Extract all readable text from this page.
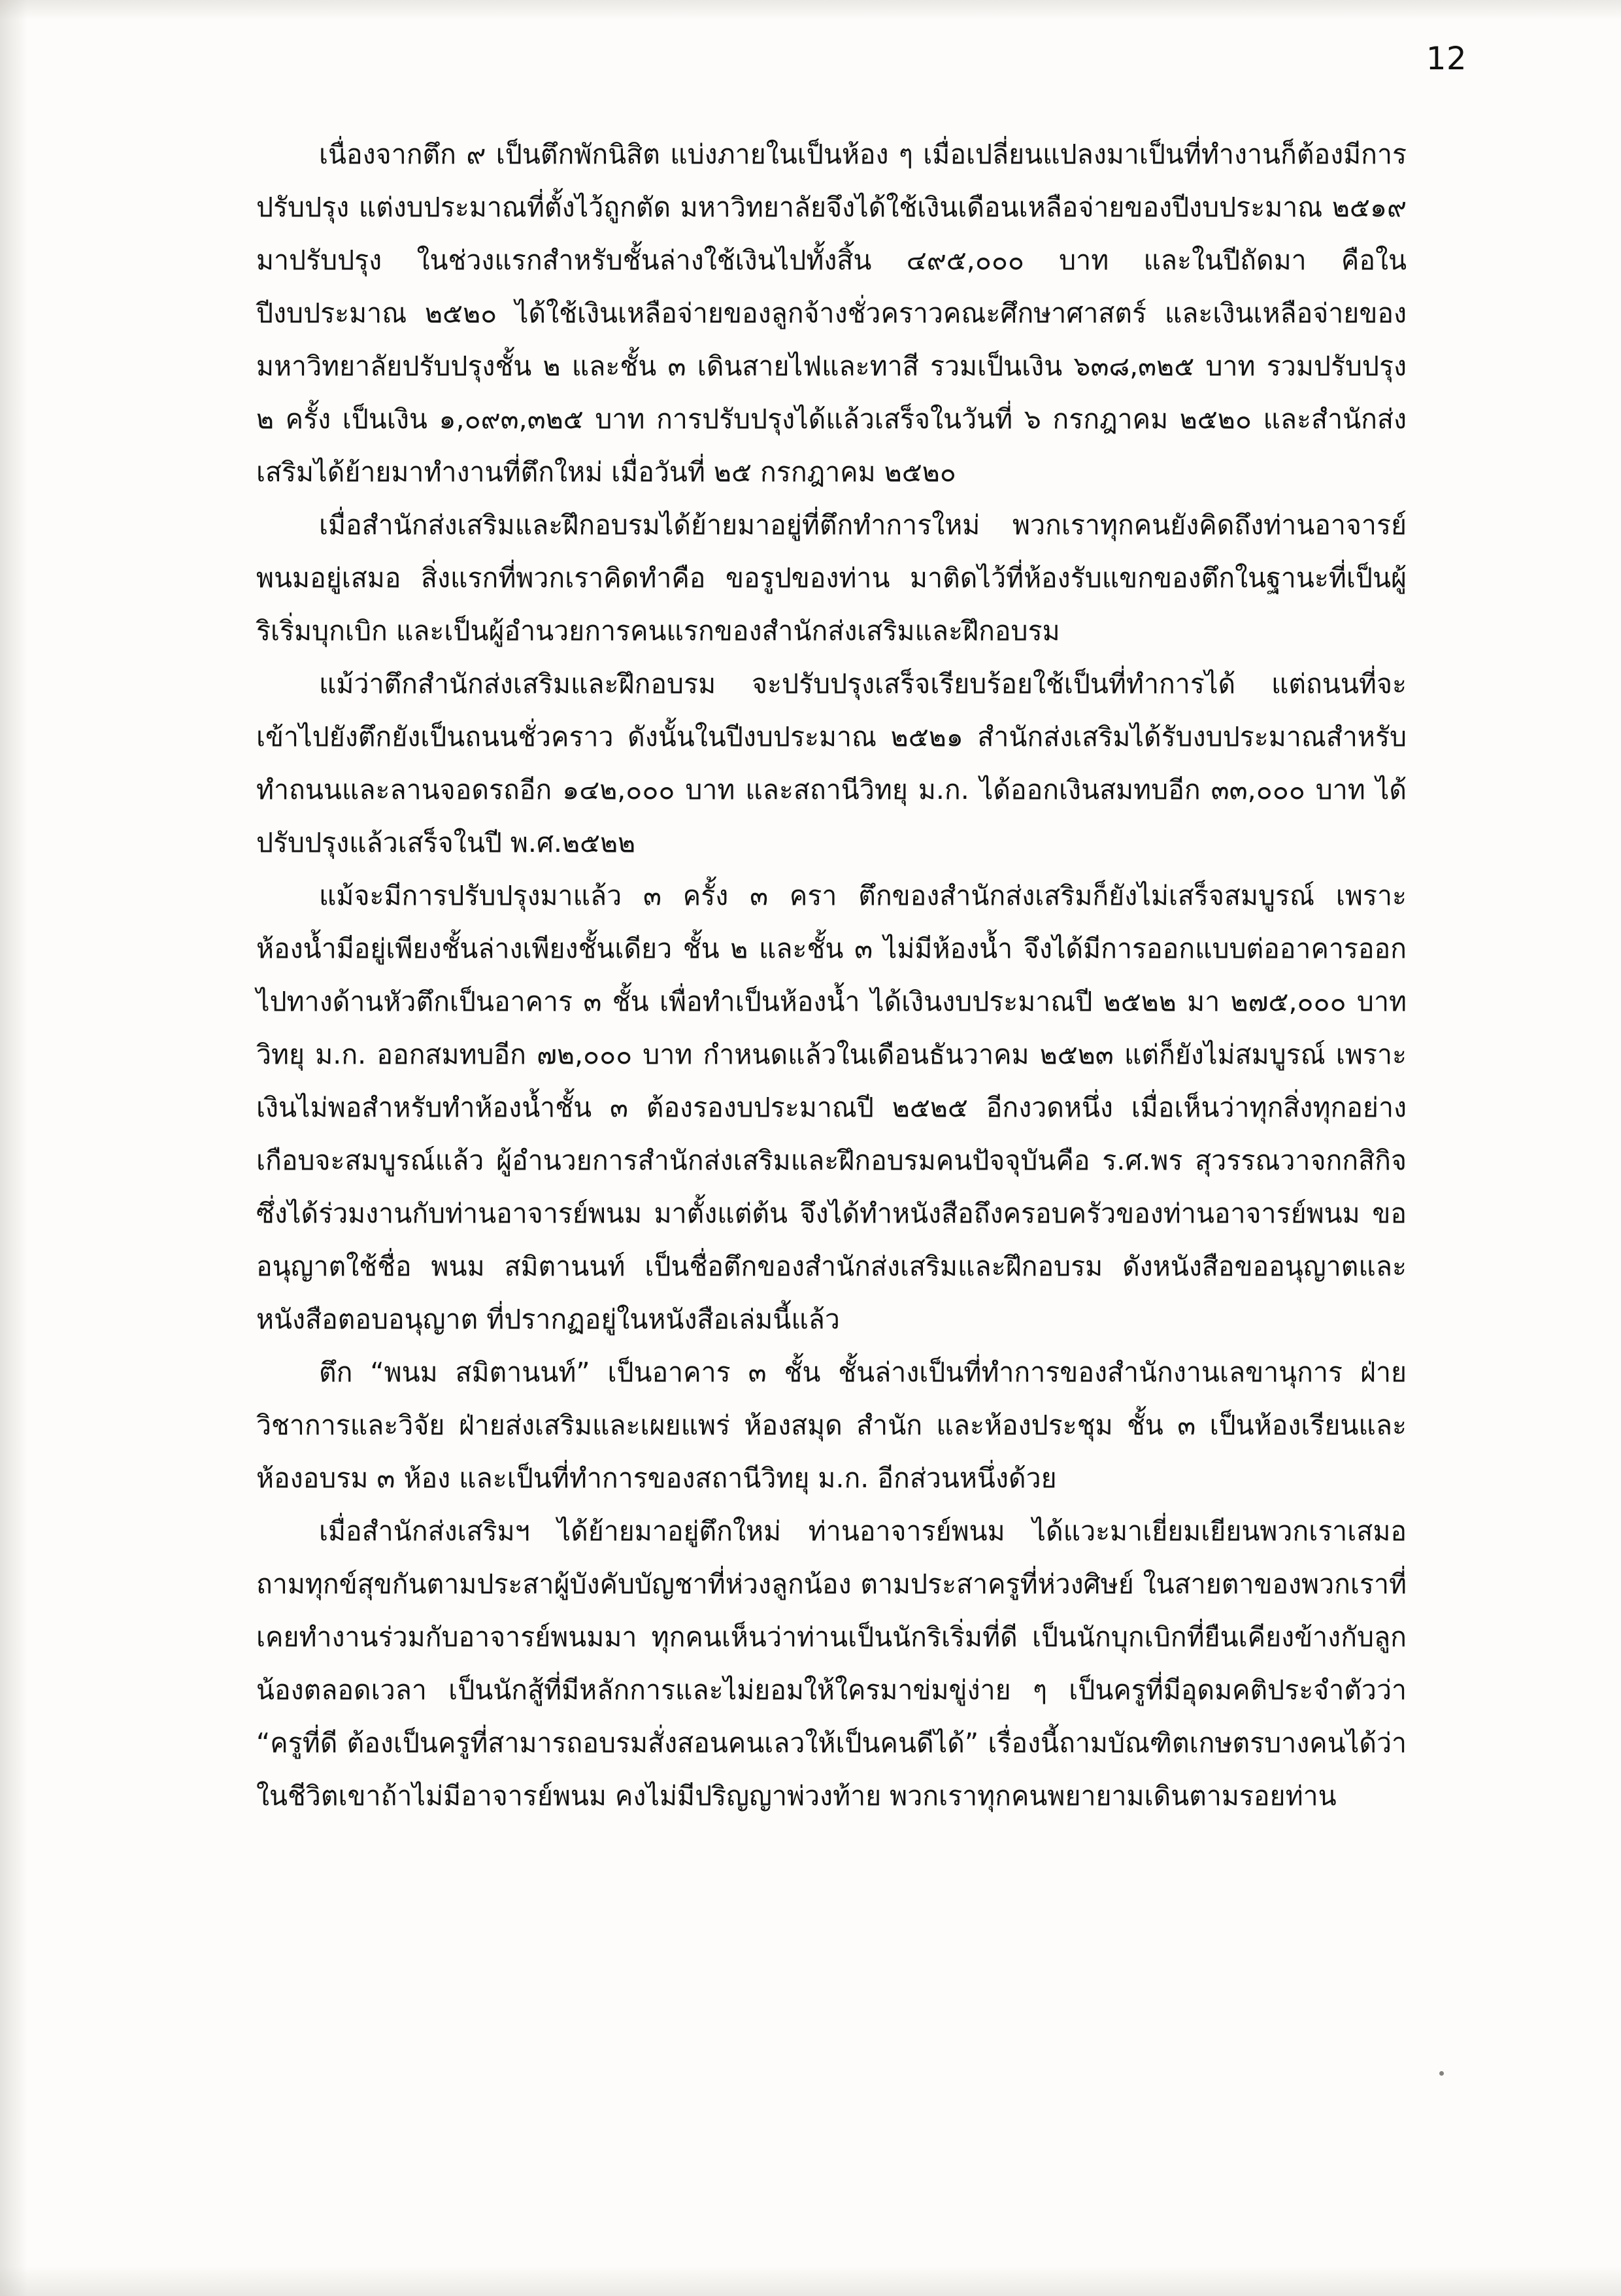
12

เนื่องจากตึก ๙ เป็นตึกพักนิสิต แบ่งภายในเป็นห้อง ๆ เมื่อเปลี่ยนแปลงมาเป็นที่ทำงานก็ต้องมีการปรับปรุง แต่งบประมาณที่ตั้งไว้ถูกตัด มหาวิทยาลัยจึงได้ใช้เงินเดือนเหลือจ่ายของปีงบประมาณ ๒๕๑๙ มาปรับปรุง ในช่วงแรกสำหรับชั้นล่างใช้เงินไปทั้งสิ้น ๔๙๕,๐๐๐ บาท และในปีถัดมา คือในปีงบประมาณ ๒๕๒๐ ได้ใช้เงินเหลือจ่ายของลูกจ้างชั่วคราวคณะศึกษาศาสตร์ และเงินเหลือจ่ายของมหาวิทยาลัยปรับปรุงชั้น ๒ และชั้น ๓ เดินสายไฟและทาสี รวมเป็นเงิน ๖๓๘,๓๒๕ บาท รวมปรับปรุง ๒ ครั้ง เป็นเงิน ๑,๐๙๓,๓๒๕ บาท การปรับปรุงได้แล้วเสร็จในวันที่ ๖ กรกฎาคม ๒๕๒๐ และสำนักส่งเสริมได้ย้ายมาทำงานที่ตึกใหม่ เมื่อวันที่ ๒๕ กรกฎาคม ๒๕๒๐

เมื่อสำนักส่งเสริมและฝึกอบรมได้ย้ายมาอยู่ที่ตึกทำการใหม่ พวกเราทุกคนยังคิดถึงท่านอาจารย์พนมอยู่เสมอ สิ่งแรกที่พวกเราคิดทำคือ ขอรูปของท่าน มาติดไว้ที่ห้องรับแขกของตึกในฐานะที่เป็นผู้ริเริ่มบุกเบิก และเป็นผู้อำนวยการคนแรกของสำนักส่งเสริมและฝึกอบรม

แม้ว่าตึกสำนักส่งเสริมและฝึกอบรม จะปรับปรุงเสร็จเรียบร้อยใช้เป็นที่ทำการได้ แต่ถนนที่จะเข้าไปยังตึกยังเป็นถนนชั่วคราว ดังนั้นในปีงบประมาณ ๒๕๒๑ สำนักส่งเสริมได้รับงบประมาณสำหรับทำถนนและลานจอดรถอีก ๑๔๒,๐๐๐ บาท และสถานีวิทยุ ม.ก. ได้ออกเงินสมทบอีก ๓๓,๐๐๐ บาท ได้ปรับปรุงแล้วเสร็จในปี พ.ศ.๒๕๒๒

แม้จะมีการปรับปรุงมาแล้ว ๓ ครั้ง ๓ ครา ตึกของสำนักส่งเสริมก็ยังไม่เสร็จสมบูรณ์ เพราะห้องน้ำมีอยู่เพียงชั้นล่างเพียงชั้นเดียว ชั้น ๒ และชั้น ๓ ไม่มีห้องน้ำ จึงได้มีการออกแบบต่ออาคารออกไปทางด้านหัวตึกเป็นอาคาร ๓ ชั้น เพื่อทำเป็นห้องน้ำ ได้เงินงบประมาณปี ๒๕๒๒ มา ๒๗๕,๐๐๐ บาท วิทยุ ม.ก. ออกสมทบอีก ๗๒,๐๐๐ บาท กำหนดแล้วในเดือนธันวาคม ๒๕๒๓ แต่ก็ยังไม่สมบูรณ์ เพราะเงินไม่พอสำหรับทำห้องน้ำชั้น ๓ ต้องรองบประมาณปี ๒๕๒๕ อีกงวดหนึ่ง เมื่อเห็นว่าทุกสิ่งทุกอย่างเกือบจะสมบูรณ์แล้ว ผู้อำนวยการสำนักส่งเสริมและฝึกอบรมคนปัจจุบันคือ ร.ศ.พร สุวรรณวาจกกสิกิจ ซึ่งได้ร่วมงานกับท่านอาจารย์พนม มาตั้งแต่ต้น จึงได้ทำหนังสือถึงครอบครัวของท่านอาจารย์พนม ขออนุญาตใช้ชื่อ พนม สมิตานนท์ เป็นชื่อตึกของสำนักส่งเสริมและฝึกอบรม ดังหนังสือขออนุญาตและหนังสือตอบอนุญาต ที่ปรากฏอยู่ในหนังสือเล่มนี้แล้ว

ตึก “พนม สมิตานนท์” เป็นอาคาร ๓ ชั้น ชั้นล่างเป็นที่ทำการของสำนักงานเลขานุการ ฝ่ายวิชาการและวิจัย ฝ่ายส่งเสริมและเผยแพร่ ห้องสมุด สำนัก และห้องประชุม ชั้น ๓ เป็นห้องเรียนและห้องอบรม ๓ ห้อง และเป็นที่ทำการของสถานีวิทยุ ม.ก. อีกส่วนหนึ่งด้วย

เมื่อสำนักส่งเสริมฯ ได้ย้ายมาอยู่ตึกใหม่ ท่านอาจารย์พนม ได้แวะมาเยี่ยมเยียนพวกเราเสมอ ถามทุกข์สุขกันตามประสาผู้บังคับบัญชาที่ห่วงลูกน้อง ตามประสาครูที่ห่วงศิษย์ ในสายตาของพวกเราที่เคยทำงานร่วมกับอาจารย์พนมมา ทุกคนเห็นว่าท่านเป็นนักริเริ่มที่ดี เป็นนักบุกเบิกที่ยืนเคียงข้างกับลูกน้องตลอดเวลา เป็นนักสู้ที่มีหลักการและไม่ยอมให้ใครมาข่มขู่ง่าย ๆ เป็นครูที่มีอุดมคติประจำตัวว่า “ครูที่ดี ต้องเป็นครูที่สามารถอบรมสั่งสอนคนเลวให้เป็นคนดีได้” เรื่องนี้ถามบัณฑิตเกษตรบางคนได้ว่าในชีวิตเขาถ้าไม่มีอาจารย์พนม คงไม่มีปริญญาพ่วงท้าย พวกเราทุกคนพยายามเดินตามรอยท่าน
